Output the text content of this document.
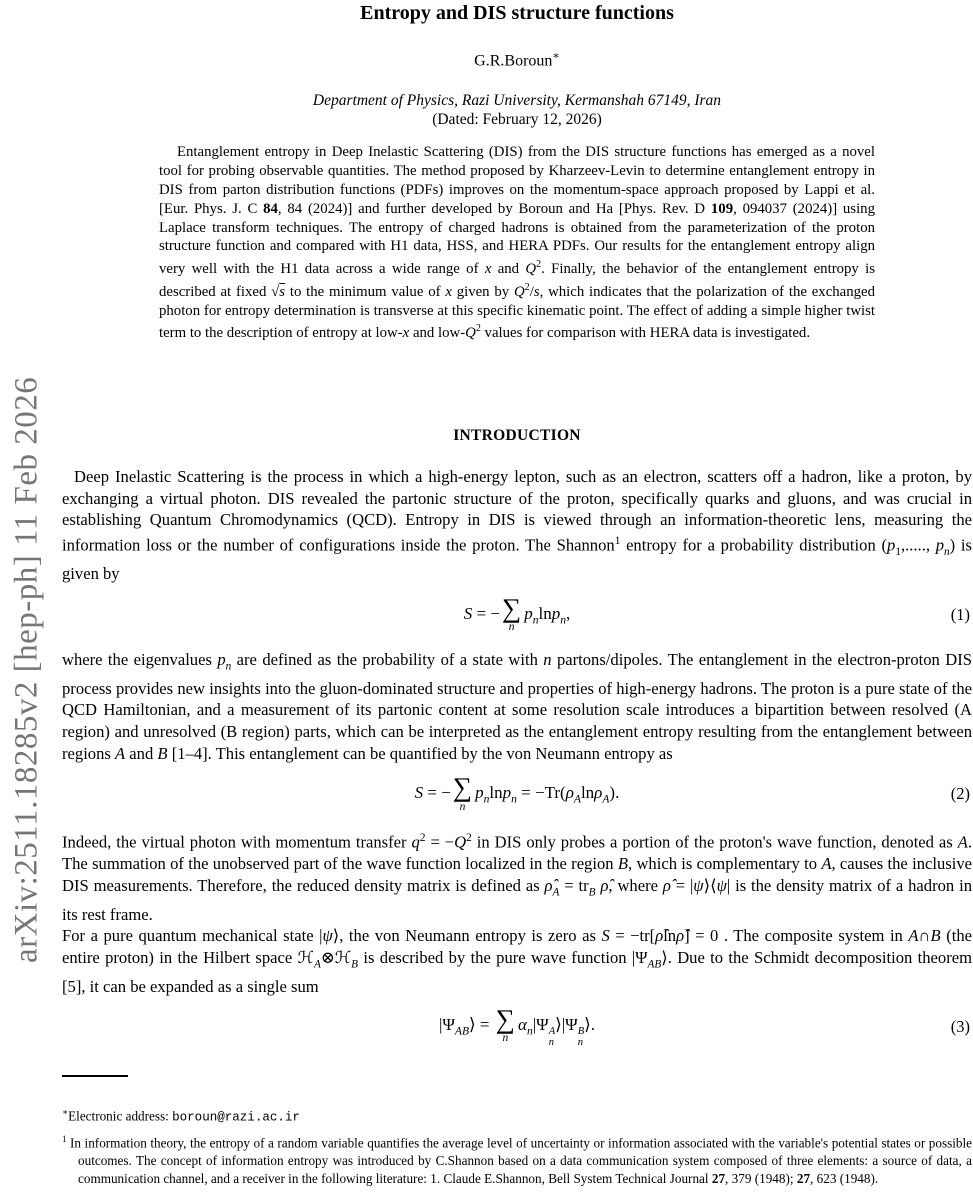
arXiv:2511.18285v2 [hep-ph] 11 Feb 2026
Entropy and DIS structure functions
G.R.Boroun∗
Department of Physics, Razi University, Kermanshah 67149, Iran
(Dated: February 12, 2026)
Entanglement entropy in Deep Inelastic Scattering (DIS) from the DIS structure functions has emerged as a novel tool for probing observable quantities. The method proposed by Kharzeev-Levin to determine entanglement entropy in DIS from parton distribution functions (PDFs) improves on the momentum-space approach proposed by Lappi et al.[Eur. Phys. J. C 84, 84 (2024)] and further developed by Boroun and Ha [Phys. Rev. D 109, 094037 (2024)] using Laplace transform techniques. The entropy of charged hadrons is obtained from the parameterization of the proton structure function and compared with H1 data, HSS, and HERA PDFs. Our results for the entanglement entropy align very well with the H1 data across a wide range of x and $Q^2$. Finally, the behavior of the entanglement entropy is described at fixed √s to the minimum value of x given by $Q^2/s$, which indicates that the polarization of the exchanged photon for entropy determination is transverse at this specific kinematic point. The effect of adding a simple higher twist term to the description of entropy at low-x and low-$Q^2$ values for comparison with HERA data is investigated.
INTRODUCTION

Deep Inelastic Scattering is the process in which a high-energy lepton, such as an electron, scatters off a hadron, like a proton, by exchanging a virtual photon. DIS revealed the partonic structure of the proton, specifically quarks and gluons, and was crucial in establishing Quantum Chromodynamics (QCD). Entropy in DIS is viewed through an information-theoretic lens, measuring the information loss or the number of configurations inside the proton. The Shannon$^1$ entropy for a probability distribution ($p_1$,....., $p_n$) is given by

S = − ∑
n
$p_n\ln p_n$,	(1)

where the eigenvalues $p_n$ are defined as the probability of a state with n partons/dipoles. The entanglement in the electron-proton DIS process provides new insights into the gluon-dominated structure and properties of high-energy hadrons. The proton is a pure state of the QCD Hamiltonian, and a measurement of its partonic content at some resolution scale introduces a bipartition between resolved (A region) and unresolved (B region) parts, which can be interpreted as the entanglement entropy resulting from the entanglement between regions A and B [1–4]. This entanglement can be quantified by the von Neumann entropy as

S = − ∑
n
$p_n\ln p_n = -Tr(\rho_A\ln\rho_A)$.	(2)

Indeed, the virtual photon with momentum transfer $q^2 = -Q^2$ in DIS only probes a portion of the proton's wave function, denoted as A. The summation of the unobserved part of the wave function localized in the region B, which is complementary to A, causes the inclusive DIS measurements. Therefore, the reduced density matrix is defined as $\rhô_A = tr_B$ ρ̂, where ρ̂ = |ψ⟩⟨ψ| is the density matrix of a hadron in its rest frame.

For a pure quantum mechanical state |ψ⟩, the von Neumann entropy is zero as S = −tr[ρ̂lnρ̂] = 0 . The composite system in A∩B (the entire proton) in the Hilbert space ℋ$_A$⊗ℋ$_B$ is described by the pure wave function $|\Psi_{AB}⟩$. Due to the Schmidt decomposition theorem [5], it can be expanded as a single sum

$|\Psi_{AB}⟩$ = ∑
n
$\alpha_n|\Psi$ A
n
⟩|Ψ B
n
⟩.	(3)
∗Electronic address: boroun@razi.ac.ir
$^1$ In information theory, the entropy of a random variable quantifies the average level of uncertainty or information associated with the variable's potential states or possible outcomes. The concept of information entropy was introduced by C.Shannon based on a data communication system composed of three elements: a source of data, a communication channel, and a receiver in the following literature: 1. Claude E.Shannon, Bell System Technical Journal 27, 379 (1948); 27, 623 (1948).
